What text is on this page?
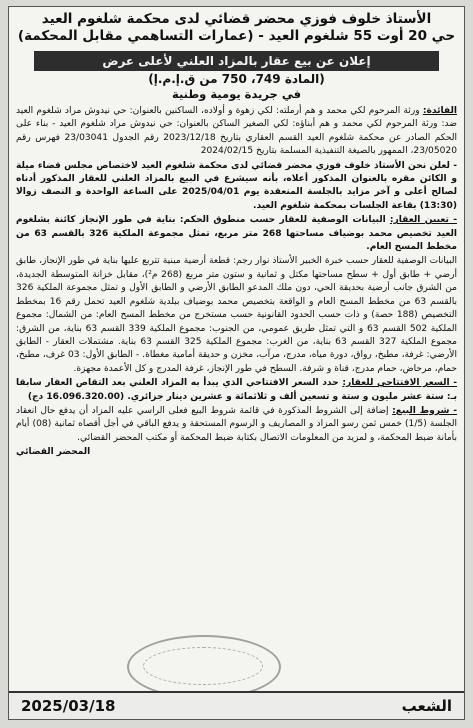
الأستاذ خلوف فوزي محضر قضائي لدى محكمة شلغوم العيد
حي 20 أوت 55 شلغوم العيد - (عمارات التساهمي مقابل المحكمة)
إعلان عن بيع عقار بالمزاد العلني لأعلى عرض
(المادة 749، 750 من ق.إ.م.إ)
في جريدة يومية وطنية

الفائدة: ورثة المرحوم لكي محمد و هم أرملته: لكي زهوة و أولاده، الساكنين بالعنوان: حي نيدوش مراد شلغوم العيد ضد: ورثة المرحوم لكي محمد و هم أبناؤه: لكي الصغير الساكن بالعنوان: حي نيدوش مراد شلغوم العيد - بناء على الحكم الصادر عن محكمة شلغوم العيد القسم العقاري بتاريخ 2023/12/18 رقم الجدول 23/03041 فهرس رقم 23/05020، الممهور بالصيغة التنفيذية المسلمة بتاريخ 2024/02/15

- لعلن نحن الأستاذ خلوف فوزي محضر قضائي لدى محكمة شلغوم العيد لاختصاص مجلس قضاء ميلة و الكائن مقره بالعنوان المذكور أعلاه، بأنه سيشرع في البيع بالمزاد العلني للعقار المذكور أدناه لصالح أعلى و آخر مزايد بالجلسة المنعقدة يوم 2025/04/01 على الساعة الواحدة و النصف زوالا (13:30) بقاعة الجلسات بمحكمة شلغوم العيد.

- تعيين العقار: البيانات الوصفية للعقار حسب منطوق الحكم: بناية في طور الإنجاز كائنة بشلغوم العيد تخصيص محمد بوضياف مساحتها 268 متر مربع، تمثل مجموعة الملكية 326 بالقسم 63 من مخطط المسح العام.

البيانات الوصفية للعقار حسب خبرة الخبير الأستاذ نوار رجم: قطعة أرضية مبنية تتربع عليها بناية في طور الإنجاز، طابق أرضي + طابق أول + سطح مساحتها مكتل و ثمانية و ستون متر مربع (268 م²)، مقابل خزانة المتوسطة الجديدة، من الشرق جانب أرضية بحديقة الحي، دون ملك المدعو الطابق الأرضي و الطابق الأول و تمثل مجموعة الملكية 326 بالقسم 63 من مخطط المسح العام و الواقعة بتخصيص محمد بوضياف ببلدية شلغوم العيد تحمل رقم 16 بمخطط التخصيص (188 حصة) و ذات حسب الحدود القانونية حسب مستخرج من مخطط المسح العام: من الشمال: مجموع الملكية 502 القسم 63 و التي تمثل طريق عمومي، من الجنوب: مجموع الملكية 339 القسم 63 بناية، من الشرق: مجموع الملكية 327 القسم 63 بناية، من الغرب: مجموع الملكية 325 القسم 63 بناية. مشتملات العقار - الطابق الأرضي: غرفة، مطبخ، رواق، دورة مياه، مدرج، مرآب، مخزن و حديقة أمامية مغطاة. - الطابق الأول: 03 غرف، مطبخ، حمام، مرحاض، حمام مدرج، قناة و شرفة. السطح في طور الإنجاز، غرفة المدرج و كل الأعمدة مجهزة.

- السعر الافتتاحي للعقار: حدد السعر الافتتاحي الذي يبدأ به المزاد العلني بعد التقاص العقار سابقا بـ: ستة عشر مليون و ستة و تسعين ألف و ثلاثمائة و عشرين دينار جزائري. (16.096.320.00 دج)

- شروط البيع: إضافة إلى الشروط المذكورة في قائمة شروط البيع فعلى الراسي عليه المزاد أن يدفع حال انعقاد الجلسة (1/5) خمس ثمن رسو المزاد و المصاريف و الرسوم المستحقة و يدفع الباقي في أجل أقصاه ثمانية (08) أيام بأمانة ضبط المحكمة، و لمزيد من المعلومات الاتصال بكتابة ضبط المحكمة أو مكتب المحضر القضائي.

المحضر القضائي
الشعب
2025/03/18
